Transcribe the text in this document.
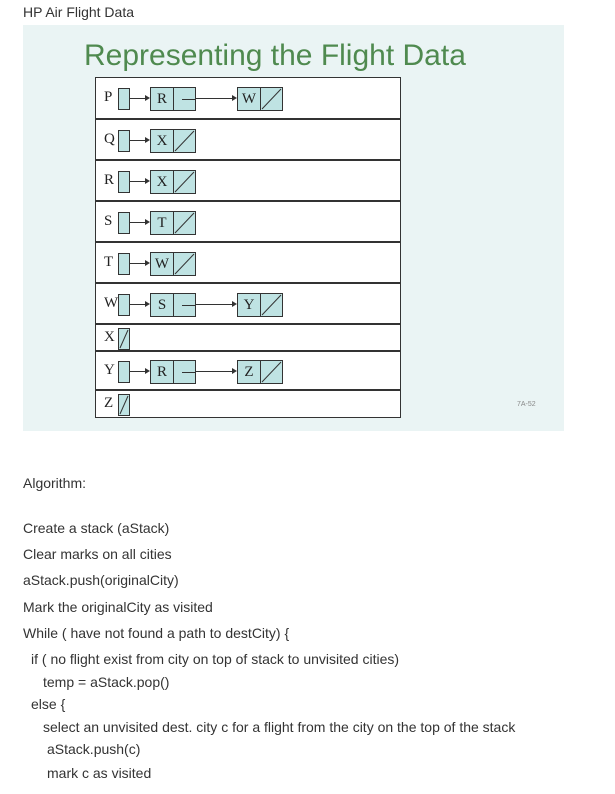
HP Air Flight Data
Representing the Flight Data
7A-52
P	R	W
Q	X
R	X
S	T
T	W
W	S	Y
X
Y	R	Z
Z
Algorithm:
Create a stack (aStack)
Clear marks on all cities
aStack.push(originalCity)
Mark the originalCity as visited
While ( have not found a path to destCity) {
if ( no flight exist from city on top of stack to unvisited cities)
temp = aStack.pop()
else {
select an unvisited dest. city c for a flight from the city on the top of the stack
aStack.push(c)
mark c as visited
